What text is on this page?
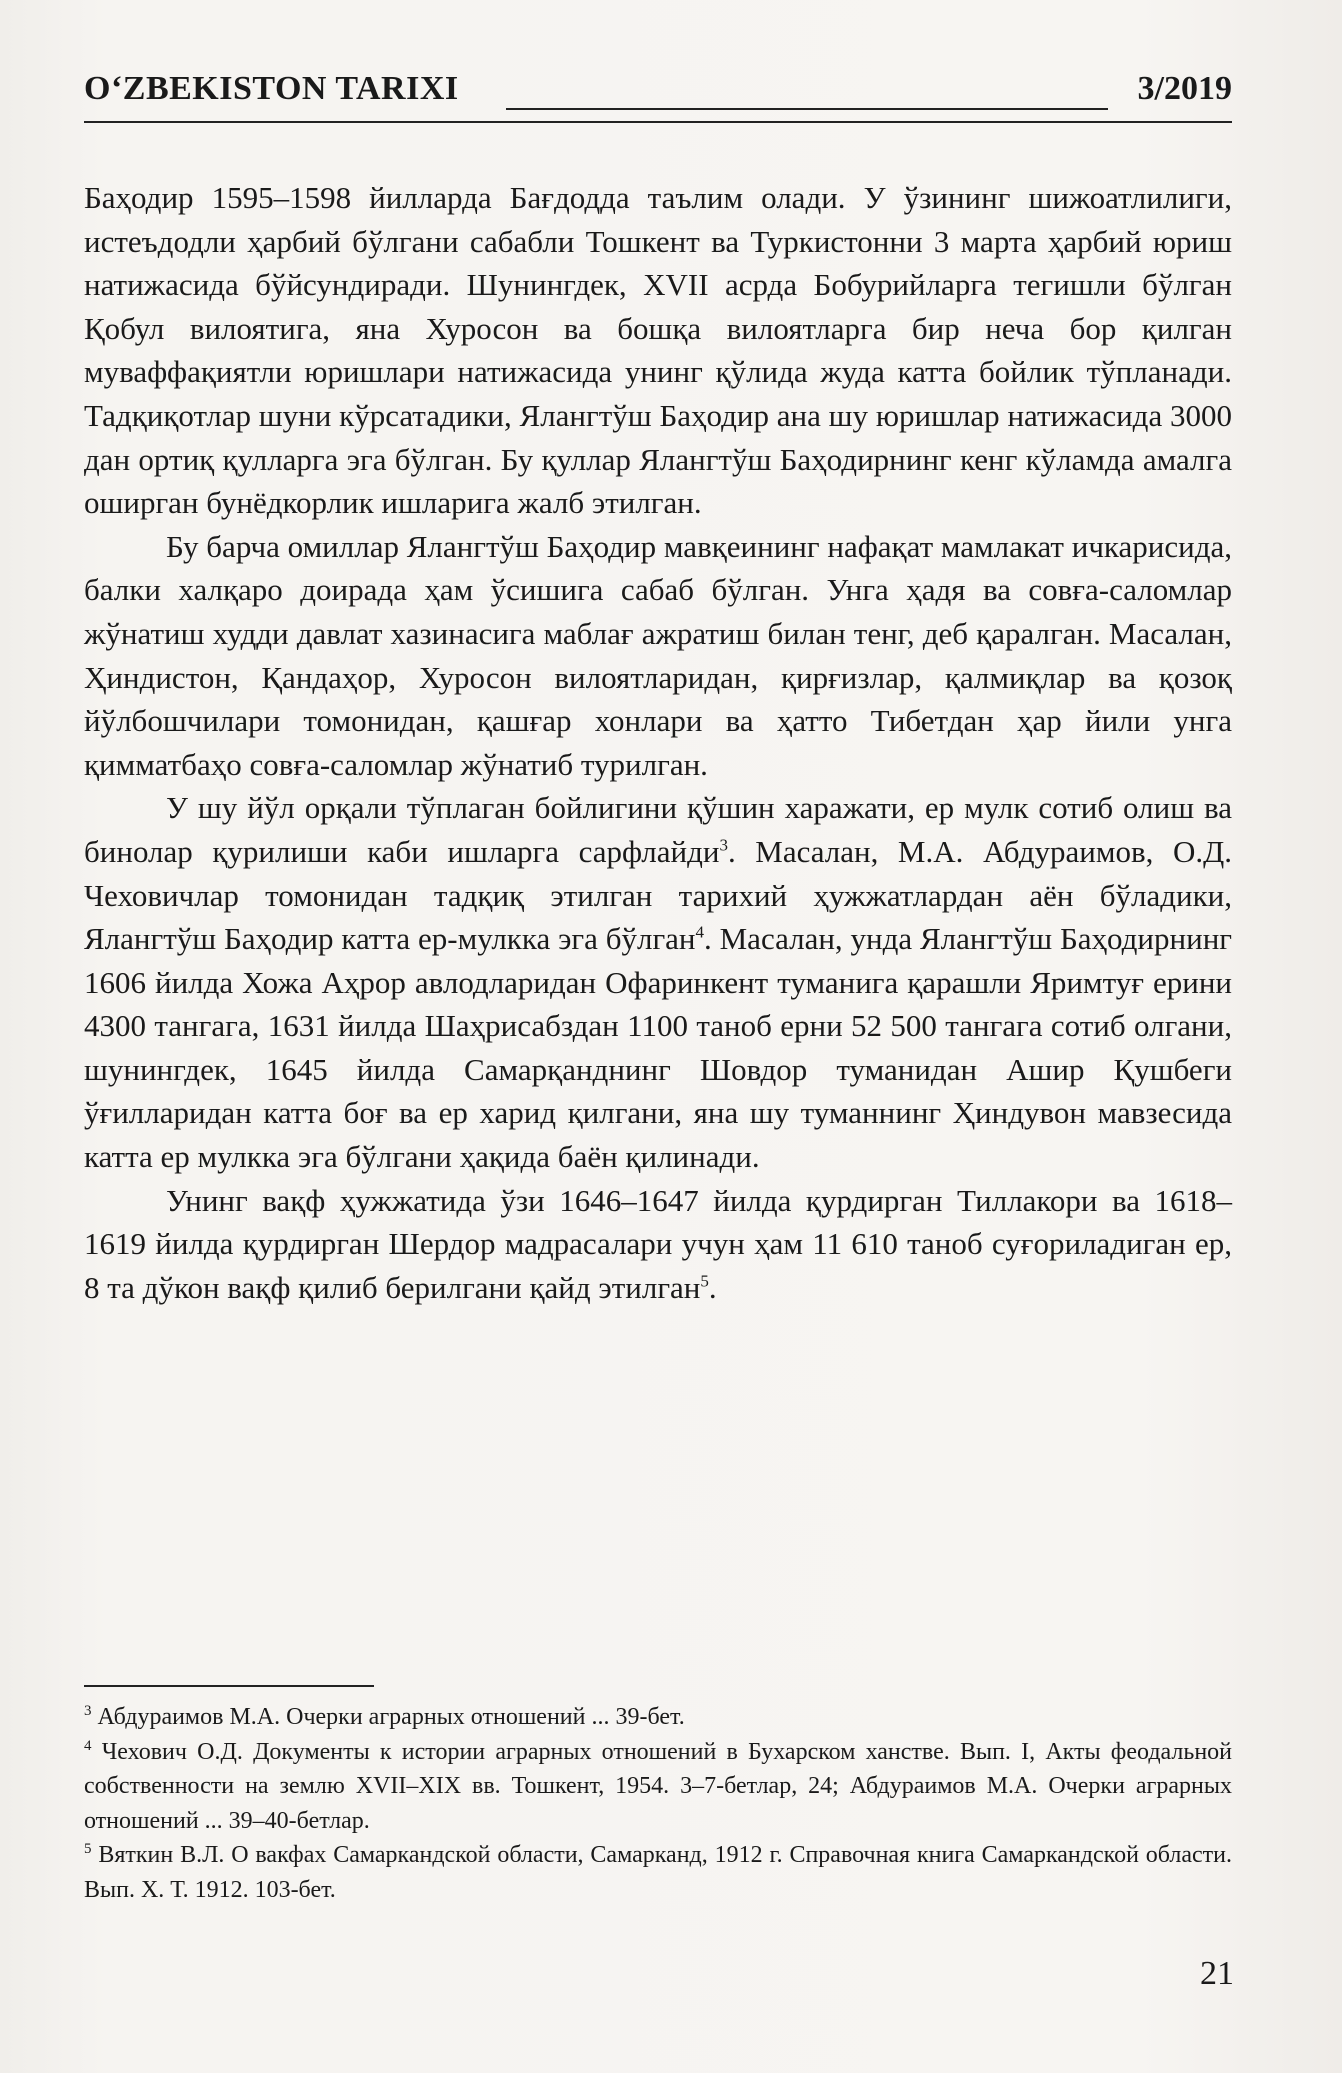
O‘ZBEKISTON TARIXI	3/2019

Баҳодир 1595–1598 йилларда Бағдодда таълим олади. У ўзининг шижоатлилиги, истеъдодли ҳарбий бўлгани сабабли Тошкент ва Туркистонни 3 марта ҳарбий юриш натижасида бўйсундиради. Шунингдек, XVII асрда Бобурийларга тегишли бўлган Қобул вилоятига, яна Хуросон ва бошқа вилоятларга бир неча бор қилган муваффақиятли юришлари натижасида унинг қўлида жуда катта бойлик тўпланади. Тадқиқотлар шуни кўрсатадики, Ялангтўш Баҳодир ана шу юришлар натижасида 3000 дан ортиқ қулларга эга бўлган. Бу қуллар Ялангтўш Баҳодирнинг кенг кўламда амалга оширган бунёдкорлик ишларига жалб этилган.

Бу барча омиллар Ялангтўш Баҳодир мавқеининг нафақат мамлакат ичкарисида, балки халқаро доирада ҳам ўсишига сабаб бўлган. Унга ҳадя ва совға-саломлар жўнатиш худди давлат хазинасига маблағ ажратиш билан тенг, деб қаралган. Масалан, Ҳиндистон, Қандаҳор, Хуросон вилоятларидан, қирғизлар, қалмиқлар ва қозоқ йўлбошчилари томонидан, қашғар хонлари ва ҳатто Тибетдан ҳар йили унга қимматбаҳо совға-саломлар жўнатиб турилган.

У шу йўл орқали тўплаган бойлигини қўшин харажати, ер мулк сотиб олиш ва бинолар қурилиши каби ишларга сарфлайди$^3$. Масалан, М.А. Абдураимов, О.Д. Чеховичлар томонидан тадқиқ этилган тарихий ҳужжатлардан аён бўладики, Ялангтўш Баҳодир катта ер-мулкка эга бўлган$^4$. Масалан, унда Ялангтўш Баҳодирнинг 1606 йилда Хожа Аҳрор авлодларидан Офаринкент туманига қарашли Яримтуғ ерини 4300 тангага, 1631 йилда Шаҳрисабздан 1100 таноб ерни 52 500 тангага сотиб олгани, шунингдек, 1645 йилда Самарқанднинг Шовдор туманидан Ашир Қушбеги ўғилларидан катта боғ ва ер харид қилгани, яна шу туманнинг Ҳиндувон мавзесида катта ер мулкка эга бўлгани ҳақида баён қилинади.

Унинг вақф ҳужжатида ўзи 1646–1647 йилда қурдирган Тиллакори ва 1618–1619 йилда қурдирган Шердор мадрасалари учун ҳам 11 610 таноб суғориладиган ер, 8 та дўкон вақф қилиб берилгани қайд этилган$^5$.

$^3$ Абдураимов М.А. Очерки аграрных отношений ... 39-бет.

$^4$ Чехович О.Д. Документы к истории аграрных отношений в Бухарском ханстве. Вып. I, Акты феодальной собственности на землю XVII–XIX вв. Тошкент, 1954. 3–7-бетлар, 24; Абдураимов М.А. Очерки аграрных отношений ... 39–40-бетлар.

$^5$ Вяткин В.Л. О вакфах Самаркандской области, Самарканд, 1912 г. Справочная книга Самаркандской области. Вып. X. Т. 1912. 103-бет.

21
